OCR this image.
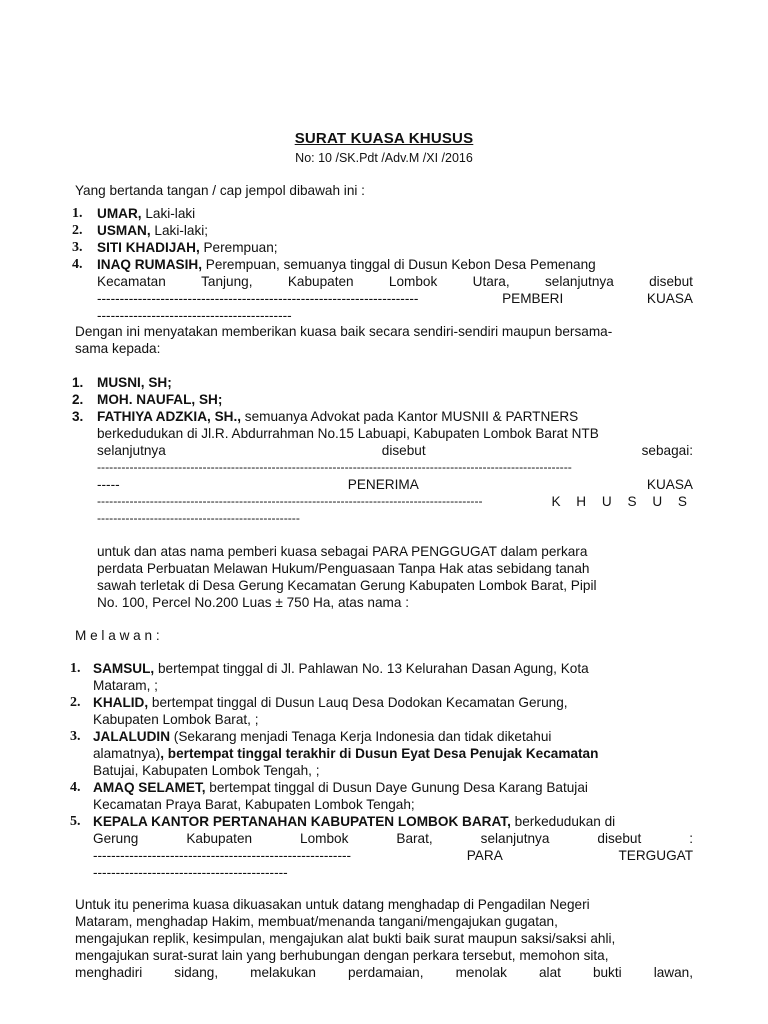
SURAT KUASA KHUSUS
No: 10 /SK.Pdt /Adv.M /XI /2016
Yang bertanda tangan / cap jempol dibawah ini :
1. UMAR, Laki-laki
2. USMAN, Laki-laki;
3. SITI KHADIJAH, Perempuan;
4. INAQ RUMASIH, Perempuan, semuanya tinggal di Dusun Kebon Desa Pemenang
Kecamatan	Tanjung,	Kabupaten	Lombok	Utara,	selanjutnya	disebut
-----------------------------------------------------------------------	PEMBERI	KUASA
-------------------------------------------
Dengan ini menyatakan memberikan kuasa baik secara sendiri-sendiri maupun bersama-
sama kepada:
1. MUSNI, SH;
2. MOH. NAUFAL, SH;
3. FATHIYA ADZKIA, SH., semuanya Advokat pada Kantor MUSNII & PARTNERS
berkedudukan di Jl.R. Abdurrahman No.15 Labuapi, Kabupaten Lombok Barat NTB
selanjutnya	disebut	sebagai:
---------------------------------------------------------------------------------------------------------------------
-----	PENERIMA	KUASA
-----------------------------------------------------------------------------------------------	K H U S U S
--------------------------------------------------
untuk dan atas nama pemberi kuasa sebagai PARA PENGGUGAT dalam perkara
perdata Perbuatan Melawan Hukum/Penguasaan Tanpa Hak atas sebidang tanah
sawah terletak di Desa Gerung Kecamatan Gerung Kabupaten Lombok Barat, Pipil
No. 100, Percel No.200 Luas ± 750 Ha, atas nama :
M e l a w a n :
1. SAMSUL, bertempat tinggal di Jl. Pahlawan No. 13 Kelurahan Dasan Agung, Kota
Mataram, ;
2. KHALID, bertempat tinggal di Dusun Lauq Desa Dodokan Kecamatan Gerung,
Kabupaten Lombok Barat, ;
3. JALALUDIN (Sekarang menjadi Tenaga Kerja Indonesia dan tidak diketahui
alamatnya), bertempat tinggal terakhir di Dusun Eyat Desa Penujak Kecamatan
Batujai, Kabupaten Lombok Tengah, ;
4. AMAQ SELAMET, bertempat tinggal di Dusun Daye Gunung Desa Karang Batujai
Kecamatan Praya Barat, Kabupaten Lombok Tengah;
5. KEPALA KANTOR PERTANAHAN KABUPATEN LOMBOK BARAT, berkedudukan di
Gerung	Kabupaten	Lombok	Barat,	selanjutnya	disebut	:
---------------------------------------------------------	PARA	TERGUGAT
-------------------------------------------
Untuk itu penerima kuasa dikuasakan untuk datang menghadap di Pengadilan Negeri
Mataram, menghadap Hakim, membuat/menanda tangani/mengajukan gugatan,
mengajukan replik, kesimpulan, mengajukan alat bukti baik surat maupun saksi/saksi ahli,
mengajukan surat-surat lain yang berhubungan dengan perkara tersebut, memohon sita,
menghadiri sidang, melakukan perdamaian, menolak alat bukti lawan,
